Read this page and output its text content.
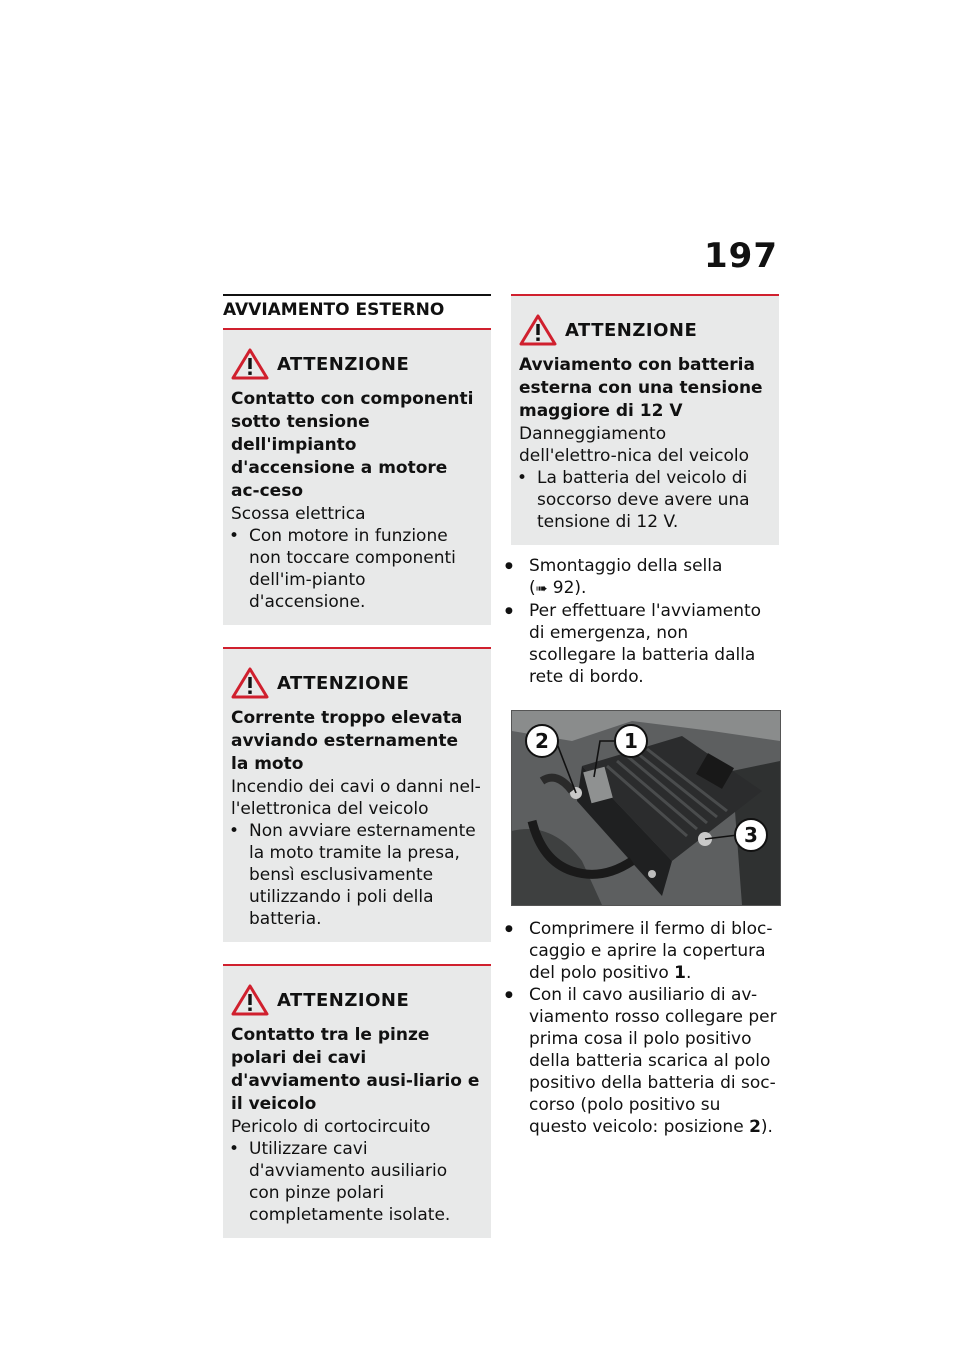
197
AVVIAMENTO ESTERNO
ATTENZIONE
Contatto con componenti sotto tensione dell'impianto d'accensione a motore ac-ceso
Scossa elettrica
• Con motore in funzione non toccare componenti dell'im-pianto d'accensione.
ATTENZIONE
Corrente troppo elevata avviando esternamente la moto
Incendio dei cavi o danni nel-l'elettronica del veicolo
• Non avviare esternamente la moto tramite la presa, bensì esclusivamente utilizzando i poli della batteria.
ATTENZIONE
Contatto tra le pinze polari dei cavi d'avviamento ausi-liario e il veicolo
Pericolo di cortocircuito
• Utilizzare cavi d'avviamento ausiliario con pinze polari completamente isolate.
ATTENZIONE
Avviamento con batteria esterna con una tensione maggiore di 12 V
Danneggiamento dell'elettro-nica del veicolo
• La batteria del veicolo di soccorso deve avere una tensione di 12 V.
● Smontaggio della sella
(➠ 92).
● Per effettuare l'avviamento di emergenza, non scollegare la batteria dalla rete di bordo.
2	1
3
● Comprimere il fermo di bloc-caggio e aprire la copertura del polo positivo 1.
● Con il cavo ausiliario di av-viamento rosso collegare per prima cosa il polo positivo della batteria scarica al polo positivo della batteria di soc-corso (polo positivo su questo veicolo: posizione 2).
